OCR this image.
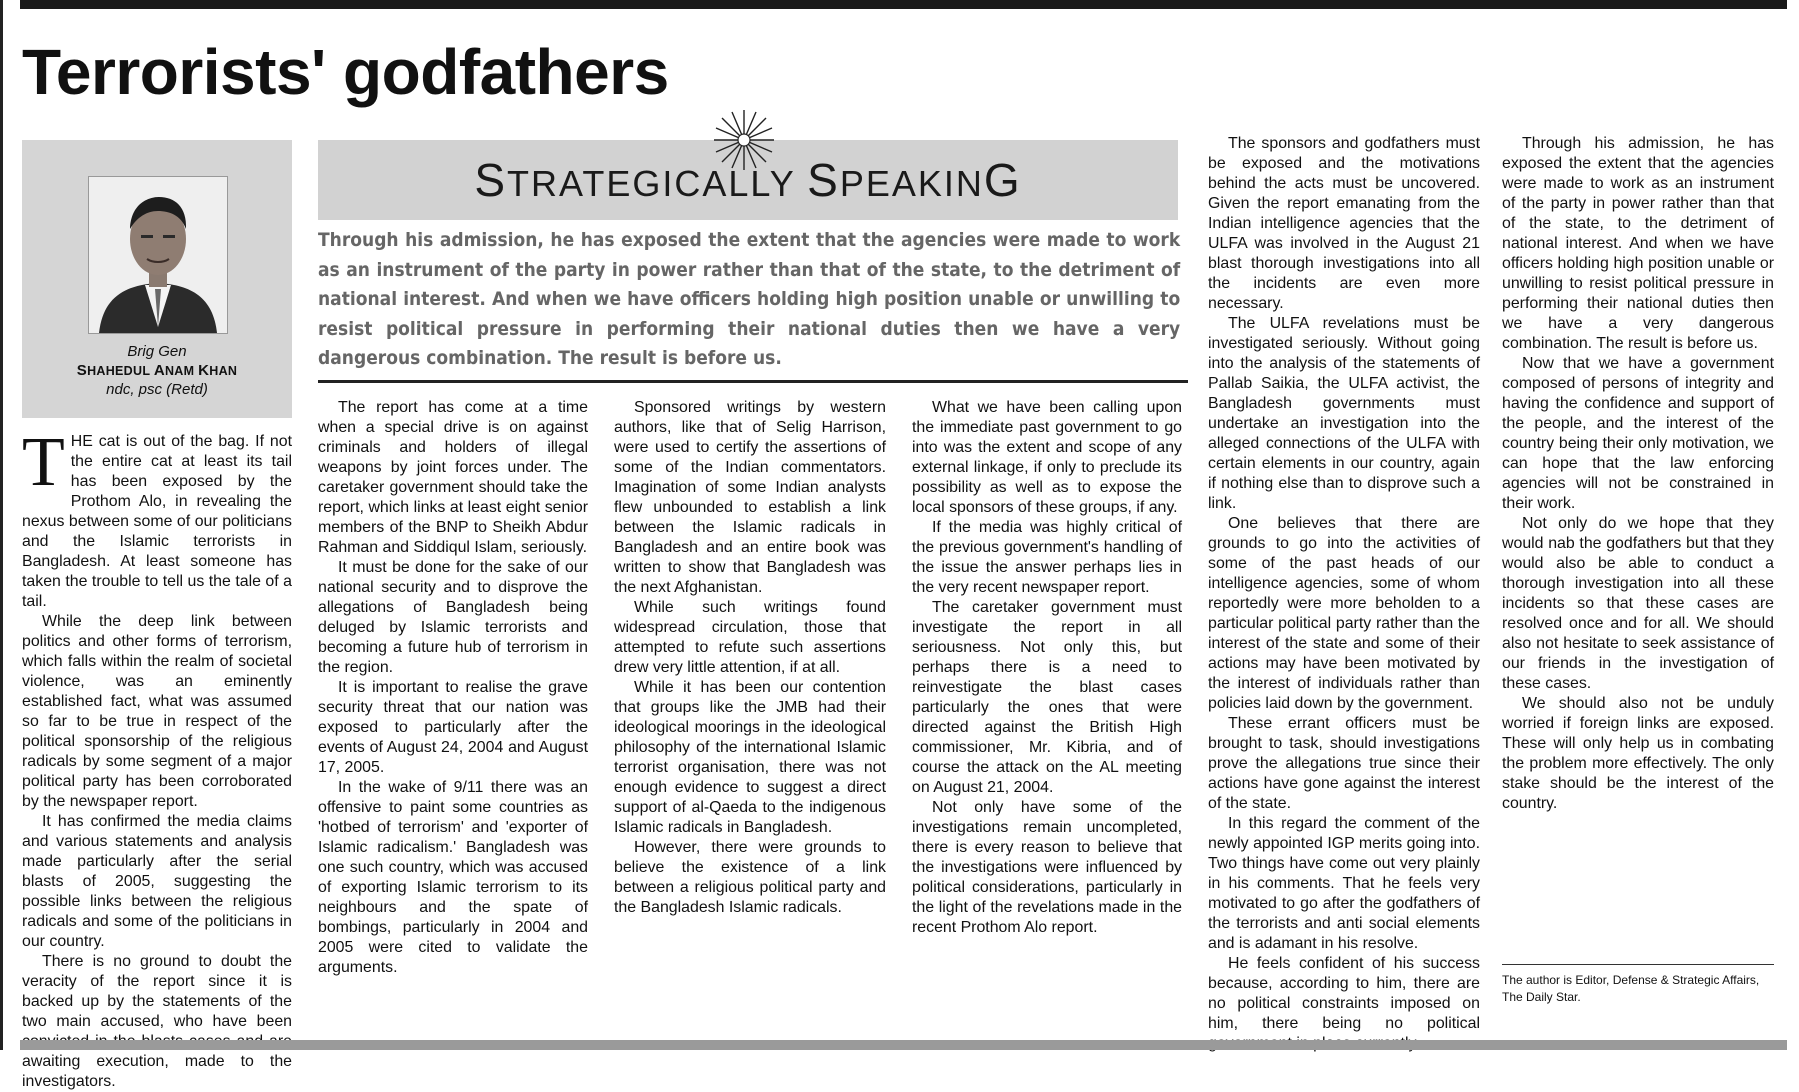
Terrorists' godfathers
Brig Gen
SHAHEDUL ANAM KHAN
ndc, psc (Retd)
STRATEGICALLY SPEAKING

Through his admission, he has exposed the extent that the agencies were made to work as an instrument of the party in power rather than that of the state, to the detriment of national interest. And when we have officers holding high position unable or unwilling to resist political pressure in performing their national duties then we have a very dangerous combination. The result is before us.

THE cat is out of the bag. If not the entire cat at least its tail has been exposed by the Prothom Alo, in revealing the nexus between some of our politicians and the Islamic terrorists in Bangladesh. At least someone has taken the trouble to tell us the tale of a tail.

While the deep link between politics and other forms of terrorism, which falls within the realm of societal violence, was an eminently established fact, what was assumed so far to be true in respect of the political sponsorship of the religious radicals by some segment of a major political party has been corroborated by the newspaper report.

It has confirmed the media claims and various statements and analysis made particularly after the serial blasts of 2005, suggesting the possible links between the religious radicals and some of the politicians in our country.

There is no ground to doubt the veracity of the report since it is backed up by the statements of the two main accused, who have been awaiting execution, made to the investigators.

The report has come at a time when a special drive is on against criminals and holders of illegal weapons by joint forces under. The caretaker government should take the report, which links at least eight senior members of the BNP to Sheikh Abdur Rahman and Siddiqul Islam, seriously.

It must be done for the sake of our national security and to disprove the allegations of Bangladesh being deluged by Islamic terrorists and becoming a future hub of terrorism in the region.

It is important to realise the grave security threat that our nation was exposed to particularly after the events of August 24, 2004 and August 17, 2005.

In the wake of 9/11 there was an offensive to paint some countries as 'hotbed of terrorism' and 'exporter of Islamic radicalism.' Bangladesh was one such country, which was accused of exporting Islamic terrorism to its neighbours and the spate of bombings, particularly in 2004 and 2005 were cited to validate the arguments.

Sponsored writings by western authors, like that of Selig Harrison, were used to certify the assertions of some of the Indian commentators. Imagination of some Indian analysts flew unbounded to establish a link between the Islamic radicals in Bangladesh and an entire book was written to show that Bangladesh was the next Afghanistan.

While such writings found widespread circulation, those that attempted to refute such assertions drew very little attention, if at all.

While it has been our contention that groups like the JMB had their ideological moorings in the ideological philosophy of the international Islamic terrorist organisation, there was not enough evidence to suggest a direct support of al-Qaeda to the indigenous Islamic radicals in Bangladesh.

However, there were grounds to believe the existence of a link between a religious political party and the Bangladesh Islamic radicals.

What we have been calling upon the immediate past government to go into was the extent and scope of any external linkage, if only to preclude its possibility as well as to expose the local sponsors of these groups, if any.

If the media was highly critical of the previous government's handling of the issue the answer perhaps lies in the very recent newspaper report.

The caretaker government must investigate the report in all seriousness. Not only this, but perhaps there is a need to reinvestigate the blast cases particularly the ones that were directed against the British High commissioner, Mr. Kibria, and of course the attack on the AL meeting on August 21, 2004.

Not only have some of the investigations remain uncompleted, there is every reason to believe that the investigations were influenced by political considerations, particularly in the light of the revelations made in the recent Prothom Alo report.

The sponsors and godfathers must be exposed and the motivations behind the acts must be uncovered. Given the report emanating from the Indian intelligence agencies that the ULFA was involved in the August 21 blast thorough investigations into all the incidents are even more necessary.

The ULFA revelations must be investigated seriously. Without going into the analysis of the statements of Pallab Saikia, the ULFA activist, the Bangladesh governments must undertake an investigation into the alleged connections of the ULFA with certain elements in our country, again if nothing else than to disprove such a link.

One believes that there are grounds to go into the activities of some of the past heads of our intelligence agencies, some of whom reportedly were more beholden to a particular political party rather than the interest of the state and some of their actions may have been motivated by the interest of individuals rather than policies laid down by the government.

These errant officers must be brought to task, should investigations prove the allegations true since their actions have gone against the interest of the state.

In this regard the comment of the newly appointed IGP merits going into. Two things have come out very plainly in his comments. That he feels very motivated to go after the godfathers of the terrorists and anti social elements and is adamant in his resolve.

He feels confident of his success because, according to him, there are no political constraints imposed on him, there being no political

Through his admission, he has exposed the extent that the agencies were made to work as an instrument of the party in power rather than that of the state, to the detriment of national interest. And when we have officers holding high position unable or unwilling to resist political pressure in performing their national duties then we have a very dangerous combination. The result is before us.

Now that we have a government composed of persons of integrity and having the confidence and support of the people, and the interest of the country being their only motivation, we can hope that the law enforcing agencies will not be constrained in their work.

Not only do we hope that they would nab the godfathers but that they would also be able to conduct a thorough investigation into all these incidents so that these cases are resolved once and for all. We should also not hesitate to seek assistance of our friends in the investigation of these cases.

We should also not be unduly worried if foreign links are exposed. These will only help us in combating the problem more effectively. The only stake should be the interest of the country.

The author is Editor, Defense & Strategic Affairs, The Daily Star.
